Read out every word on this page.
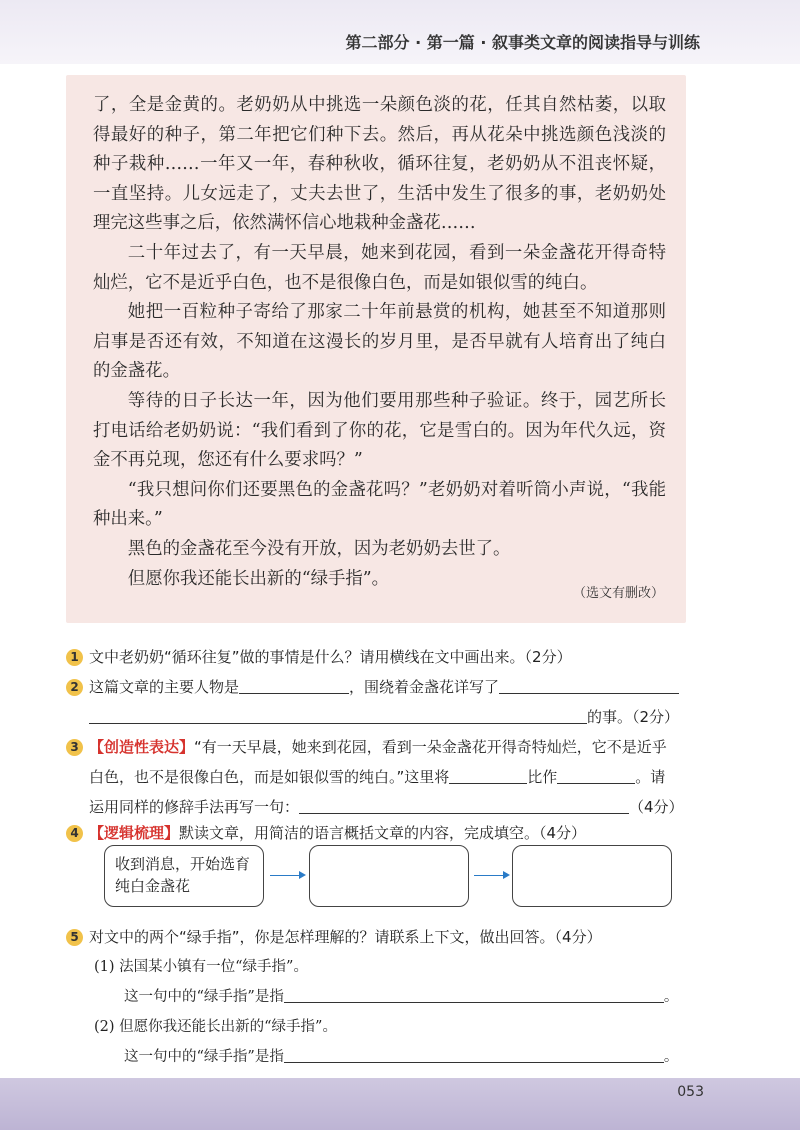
第二部分 · 第一篇 · 叙事类文章的阅读指导与训练

了，全是金黄的。老奶奶从中挑选一朵颜色淡的花，任其自然枯萎，以取得最好的种子，第二年把它们种下去。然后，再从花朵中挑选颜色浅淡的种子栽种……一年又一年，春种秋收，循环往复，老奶奶从不沮丧怀疑，一直坚持。儿女远走了，丈夫去世了，生活中发生了很多的事，老奶奶处理完这些事之后，依然满怀信心地栽种金盏花……

二十年过去了，有一天早晨，她来到花园，看到一朵金盏花开得奇特灿烂，它不是近乎白色，也不是很像白色，而是如银似雪的纯白。

她把一百粒种子寄给了那家二十年前悬赏的机构，她甚至不知道那则启事是否还有效，不知道在这漫长的岁月里，是否早就有人培育出了纯白的金盏花。

等待的日子长达一年，因为他们要用那些种子验证。终于，园艺所长打电话给老奶奶说：“我们看到了你的花，它是雪白的。因为年代久远，资金不再兑现，您还有什么要求吗？”

“我只想问你们还要黑色的金盏花吗？”老奶奶对着听筒小声说，“我能种出来。”

黑色的金盏花至今没有开放，因为老奶奶去世了。

但愿你我还能长出新的“绿手指”。

（选文有删改）
1 文中老奶奶“循环往复”做的事情是什么？请用横线在文中画出来。（2分）
2 这篇文章的主要人物是	，围绕着金盏花详写了
的事。（2分）
3 【创造性表达】“有一天早晨，她来到花园，看到一朵金盏花开得奇特灿烂，它不是近乎
白色，也不是很像白色，而是如银似雪的纯白。”这里将	比作	。请
运用同样的修辞手法再写一句：	（4分）
4 【逻辑梳理】默读文章，用简洁的语言概括文章的内容，完成填空。（4分）
收到消息，开始选育纯白金盏花
5 对文中的两个“绿手指”，你是怎样理解的？请联系上下文，做出回答。（4分）
(1) 法国某小镇有一位“绿手指”。
这一句中的“绿手指”是指	。
(2) 但愿你我还能长出新的“绿手指”。
这一句中的“绿手指”是指	。
053
